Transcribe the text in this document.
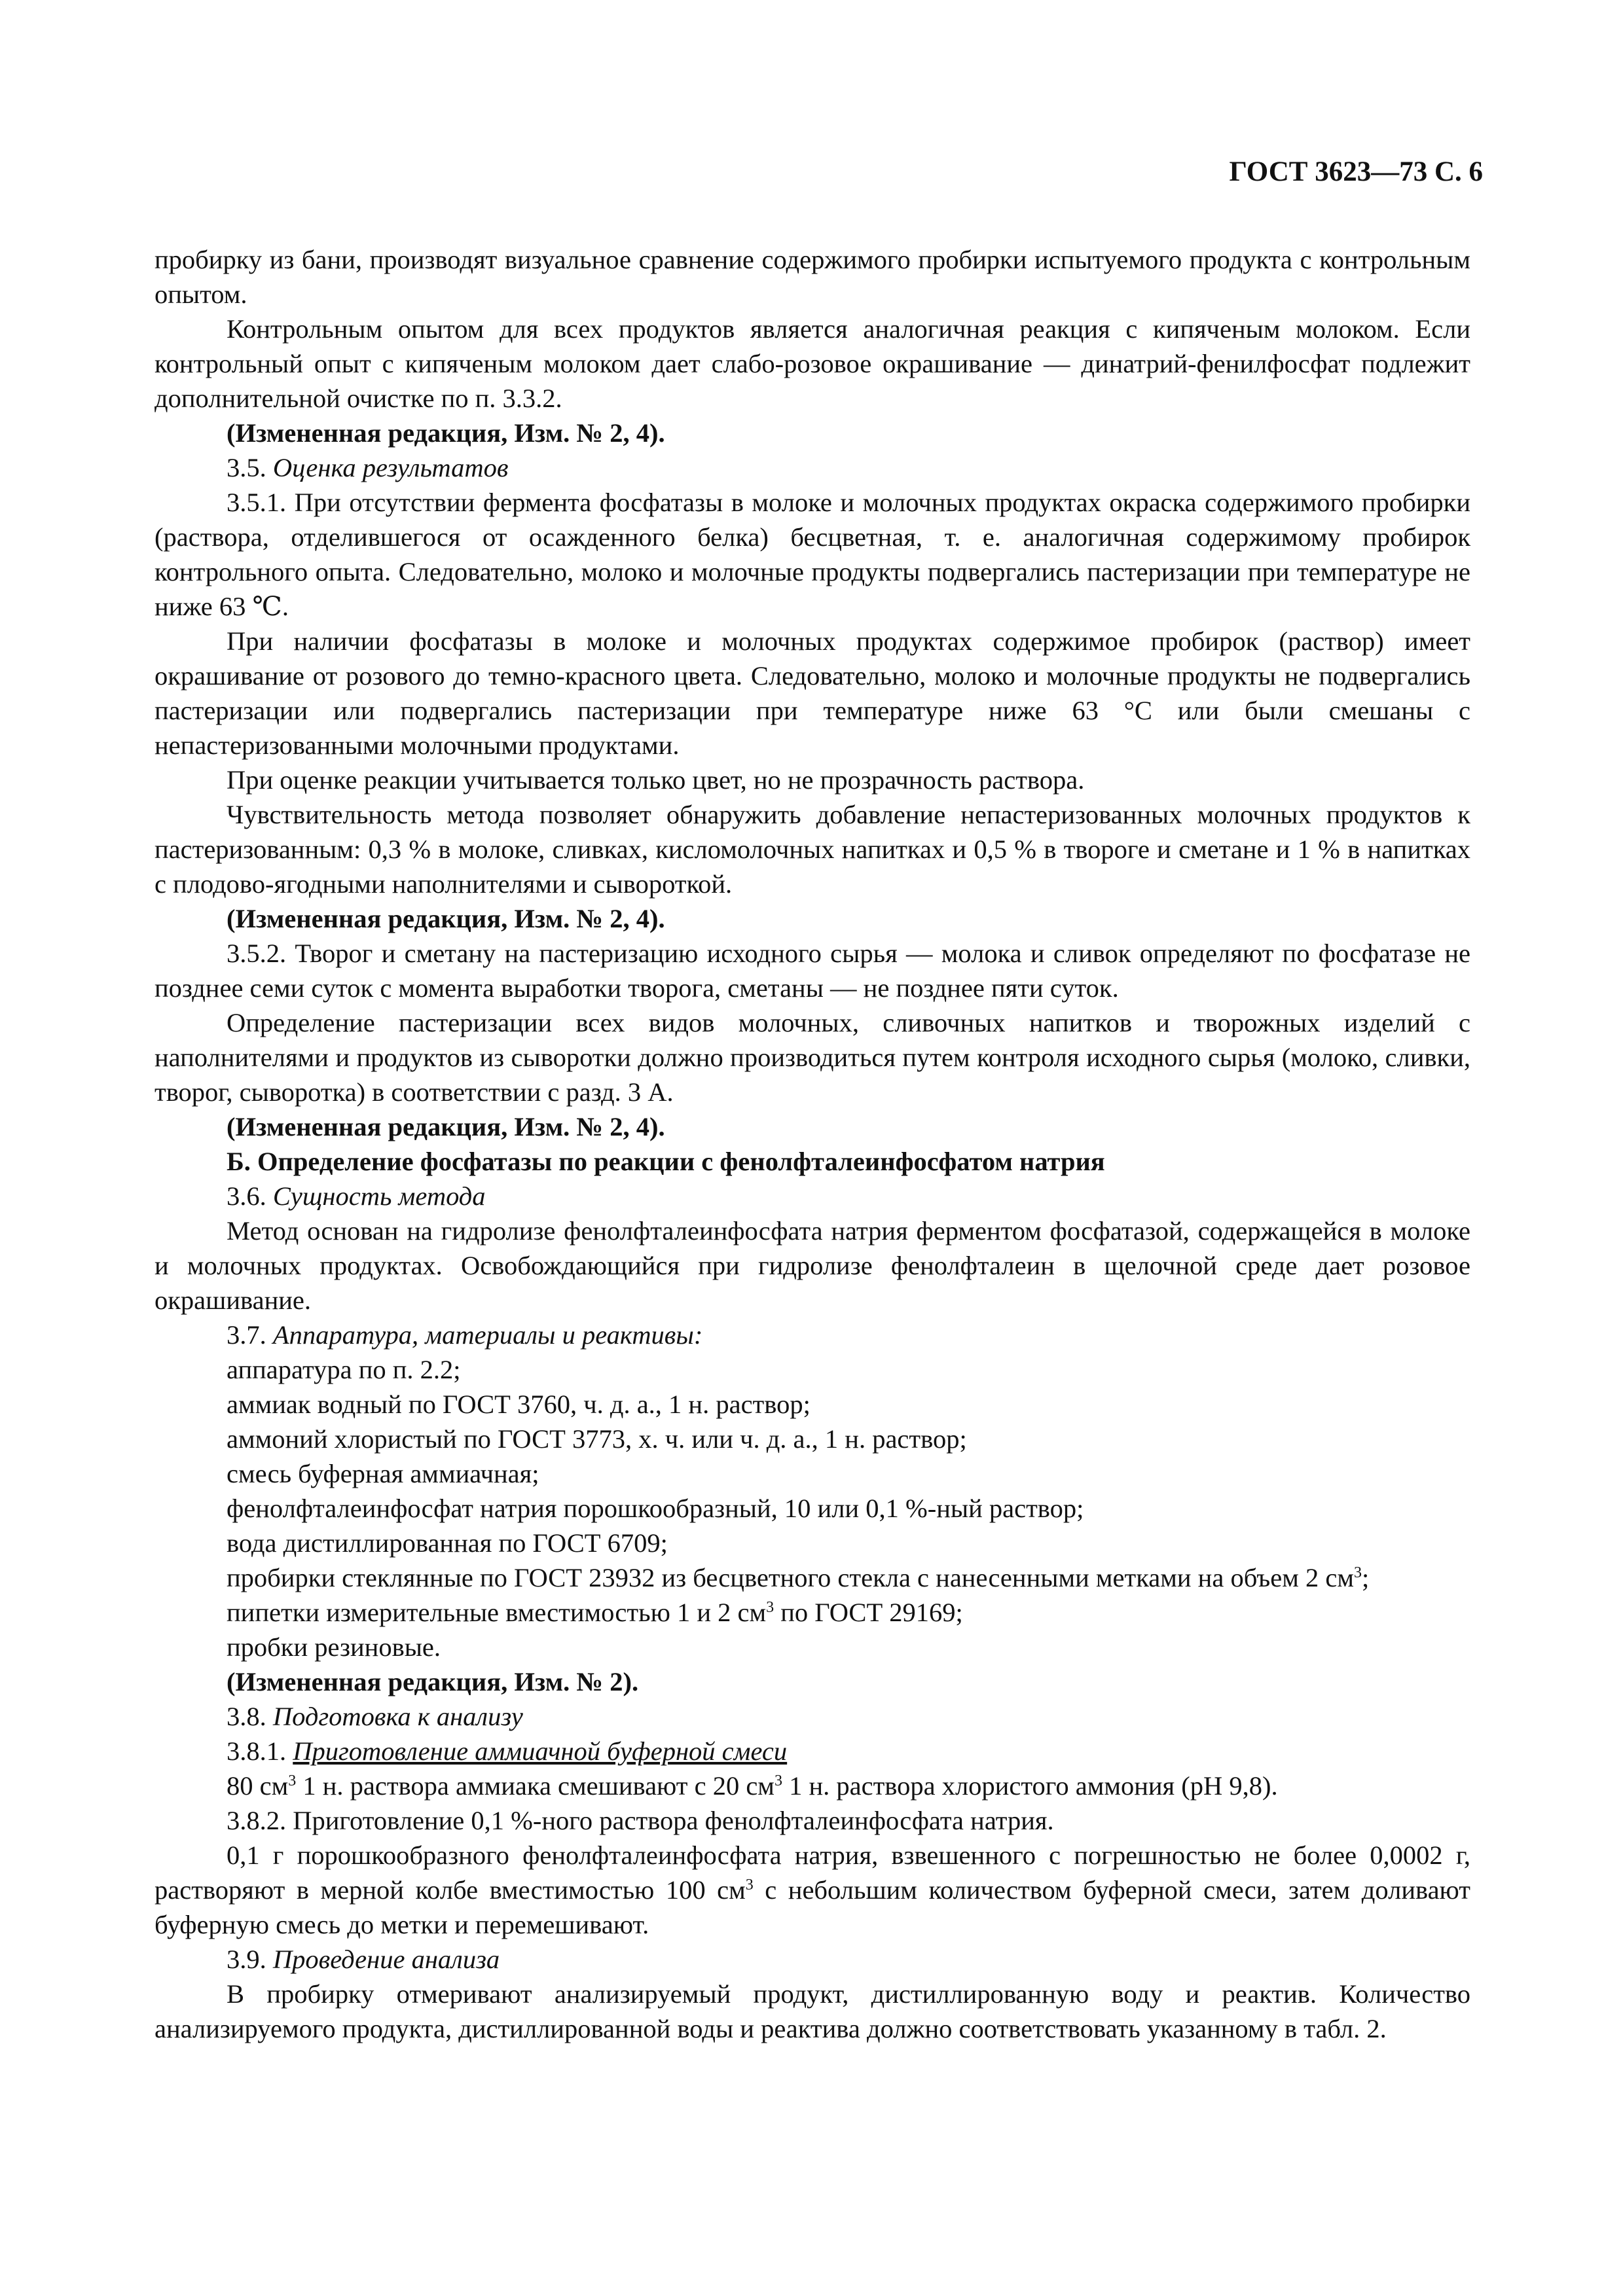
ГОСТ 3623—73 С. 6

пробирку из бани, производят визуальное сравнение содержимого пробирки испытуемого продукта с контрольным опытом.

Контрольным опытом для всех продуктов является аналогичная реакция с кипяченым молоком. Если контрольный опыт с кипяченым молоком дает слабо-розовое окрашивание — динатрий-фенилфосфат подлежит дополнительной очистке по п. 3.3.2.

(Измененная редакция, Изм. № 2, 4).

3.5. Оценка результатов

3.5.1. При отсутствии фермента фосфатазы в молоке и молочных продуктах окраска содержимого пробирки (раствора, отделившегося от осажденного белка) бесцветная, т. е. аналогичная содержимому пробирок контрольного опыта. Следовательно, молоко и молочные продукты подвергались пастеризации при температуре не ниже 63 ℃.

При наличии фосфатазы в молоке и молочных продуктах содержимое пробирок (раствор) имеет окрашивание от розового до темно-красного цвета. Следовательно, молоко и молочные продукты не подвергались пастеризации или подвергались пастеризации при температуре ниже 63 °С или были смешаны с непастеризованными молочными продуктами.

При оценке реакции учитывается только цвет, но не прозрачность раствора.

Чувствительность метода позволяет обнаружить добавление непастеризованных молочных продуктов к пастеризованным: 0,3 % в молоке, сливках, кисломолочных напитках и 0,5 % в твороге и сметане и 1 % в напитках с плодово-ягодными наполнителями и сывороткой.

(Измененная редакция, Изм. № 2, 4).

3.5.2. Творог и сметану на пастеризацию исходного сырья — молока и сливок определяют по фосфатазе не позднее семи суток с момента выработки творога, сметаны — не позднее пяти суток.

Определение пастеризации всех видов молочных, сливочных напитков и творожных изделий с наполнителями и продуктов из сыворотки должно производиться путем контроля исходного сырья (молоко, сливки, творог, сыворотка) в соответствии с разд. 3 А.

(Измененная редакция, Изм. № 2, 4).

Б. Определение фосфатазы по реакции с фенолфталеинфосфатом натрия

3.6. Сущность метода

Метод основан на гидролизе фенолфталеинфосфата натрия ферментом фосфатазой, содержащейся в молоке и молочных продуктах. Освобождающийся при гидролизе фенолфталеин в щелочной среде дает розовое окрашивание.

3.7. Аппаратура, материалы и реактивы:

аппаратура по п. 2.2;

аммиак водный по ГОСТ 3760, ч. д. а., 1 н. раствор;

аммоний хлористый по ГОСТ 3773, х. ч. или ч. д. а., 1 н. раствор;

смесь буферная аммиачная;

фенолфталеинфосфат натрия порошкообразный, 10 или 0,1 %-ный раствор;

вода дистиллированная по ГОСТ 6709;

пробирки стеклянные по ГОСТ 23932 из бесцветного стекла с нанесенными метками на объем 2 $см^3$;

пипетки измерительные вместимостью 1 и 2 $см^3$ по ГОСТ 29169;

пробки резиновые.

(Измененная редакция, Изм. № 2).

3.8. Подготовка к анализу

3.8.1. Приготовление аммиачной буферной смеси

80 $см^3$ 1 н. раствора аммиака смешивают с 20 $см^3$ 1 н. раствора хлористого аммония (рН 9,8).

3.8.2. Приготовление 0,1 %-ного раствора фенолфталеинфосфата натрия.

0,1 г порошкообразного фенолфталеинфосфата натрия, взвешенного с погрешностью не более 0,0002 г, растворяют в мерной колбе вместимостью 100 $см^3$ с небольшим количеством буферной смеси, затем доливают буферную смесь до метки и перемешивают.

3.9. Проведение анализа

В пробирку отмеривают анализируемый продукт, дистиллированную воду и реактив. Количество анализируемого продукта, дистиллированной воды и реактива должно соответствовать указанному в табл. 2.
